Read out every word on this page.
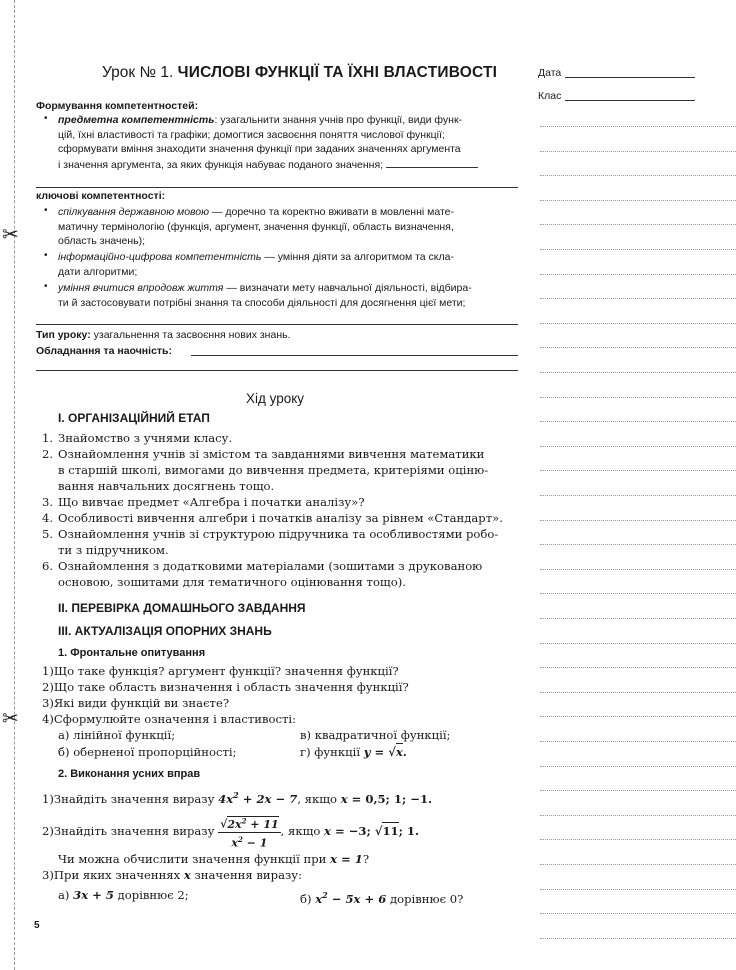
✂
✂
Урок № 1. ЧИСЛОВІ ФУНКЦІЇ ТА ЇХНІ ВЛАСТИВОСТІ	Дата
Клас
Формування компетентностей:
• предметна компетентність: узагальнити знання учнів про функції, види функ-
цій, їхні властивості та графіки; домогтися засвоєння поняття числової функції;
сформувати вміння знаходити значення функції при заданих значеннях аргумента
і значення аргумента, за яких функція набуває поданого значення;
ключові компетентності:
• спілкування державною мовою — доречно та коректно вживати в мовленні мате-
матичну термінологію (функція, аргумент, значення функції, область визначення,
область значень);
• інформаційно-цифрова компетентність — уміння діяти за алгоритмом та скла-
дати алгоритми;
• уміння вчитися впродовж життя — визначати мету навчальної діяльності, відбира-
ти й застосовувати потрібні знання та способи діяльності для досягнення цієї мети;
Тип уроку: узагальнення та засвоєння нових знань.
Обладнання та наочність:
Хід уроку
І. ОРГАНІЗАЦІЙНИЙ ЕТАП
1. Знайомство з учнями класу.
2. Ознайомлення учнів зі змістом та завданнями вивчення математики
в старшій школі, вимогами до вивчення предмета, критеріями оціню-
вання навчальних досягнень тощо.
3. Що вивчає предмет «Алгебра і початки аналізу»?
4. Особливості вивчення алгебри і початків аналізу за рівнем «Стандарт».
5. Ознайомлення учнів зі структурою підручника та особливостями робо-
ти з підручником.
6. Ознайомлення з додатковими матеріалами (зошитами з друкованою
основою, зошитами для тематичного оцінювання тощо).
ІІ. ПЕРЕВІРКА ДОМАШНЬОГО ЗАВДАННЯ
ІІІ. АКТУАЛІЗАЦІЯ ОПОРНИХ ЗНАНЬ
1. Фронтальне опитування
1)Що таке функція? аргумент функції? значення функції?
2)Що таке область визначення і область значення функції?
3)Які види функцій ви знаєте?
4)Сформулюйте означення і властивості:
а) лінійної функції;	в) квадратичної функції;
б) оберненої пропорційності;	г) функції y = √x.
2. Виконання усних вправ
1)Знайдіть значення виразу $4x^2 + 2x - 7$, якщо x = 0,5; 1; −1.
2)Знайдіть значення виразу $\frac{√2x^2 + 11}{x^2 - 1}$ , якщо x = −3; √11; 1.
Чи можна обчислити значення функції при x = 1?
3)При яких значеннях x значення виразу:
а) 3x + 5 дорівнює 2;	б) $x^2 - 5x + 6$ дорівнює 0?
5
